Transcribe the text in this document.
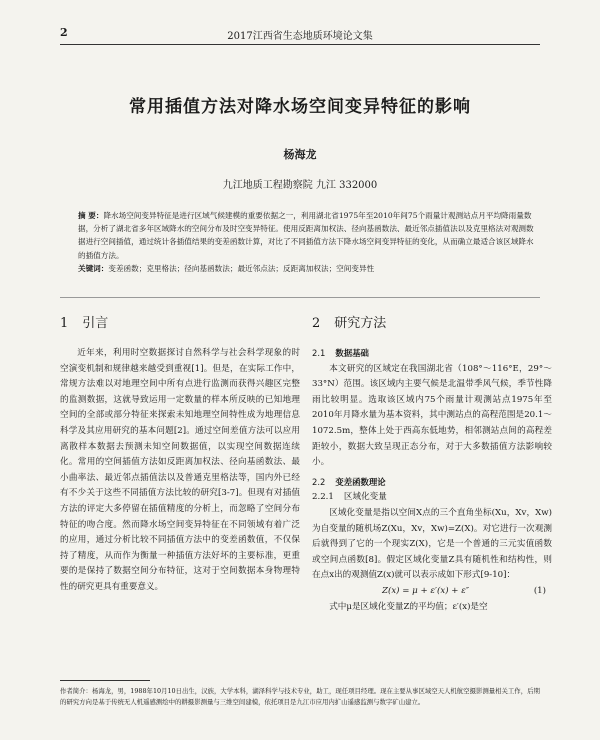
2	2017江西省生态地质环境论文集
常用插值方法对降水场空间变异特征的影响
杨海龙
九江地质工程勘察院 九江 332000
摘 要：降水场空间变异特征是进行区域气候建模的重要依据之一，利用湖北省1975年至2010年间75个雨量计观测站点月平均降雨量数据，分析了湖北省多年区域降水的空间分布及时空变异特征。使用反距离加权法、径向基函数法、最近邻点插值法以及克里格法对观测数据进行空间插值，通过统计各插值结果的变差函数计算，对比了不同插值方法下降水场空间变异特征的变化，从而确立最适合该区域降水的插值方法。
关键词：变差函数；克里格法；径向基函数法；最近邻点法；反距离加权法；空间变异性
1 引言

近年来，利用时空数据探讨自然科学与社会科学现象的时空演变机制和规律越来越受到重视[1]。但是，在实际工作中，常规方法难以对地理空间中所有点进行监测而获得兴趣区完整的监测数据，这就导致运用一定数量的样本所反映的已知地理空间的全部或部分特征来探索未知地理空间特性成为地理信息科学及其应用研究的基本问题[2]。通过空间差值方法可以应用离散样本数据去预测未知空间数据值，以实现空间数据连续化。常用的空间插值方法如反距离加权法、径向基函数法、最小曲率法、最近邻点插值法以及普通克里格法等，国内外已经有不少关于这些不同插值方法比较的研究[3-7]。但现有对插值方法的评定大多停留在插值精度的分析上，而忽略了空间分布特征的吻合度。然而降水场空间变异特征在不同领域有着广泛的应用，通过分析比较不同插值方法中的变差函数值，不仅保持了精度，从而作为衡量一种插值方法好坏的主要标准，更重要的是保持了数据空间分布特征，这对于空间数据本身物理特性的研究更具有重要意义。

2 研究方法
2.1 数据基础

本文研究的区域定在我国湖北省（108°～116°E，29°～33°N）范围。该区域内主要气候是北温带季风气候，季节性降雨比较明显。选取该区域内75个雨量计观测站点1975年至2010年月降水量为基本资料，其中测站点的高程范围是20.1～1072.5m，整体上处于西高东低地势，相邻测站点间的高程差距较小，数据大致呈现正态分布，对于大多数插值方法影响较小。

2.2 变差函数理论
2.2.1 区域化变量

区域化变量是指以空间X点的三个直角坐标(Xu，Xv，Xw)为自变量的随机场Z(Xu，Xv，Xw)=Z(X)。对它进行一次观测后就得到了它的一个现实Z(X)，它是一个普通的三元实值函数或空间点函数[8]。假定区域化变量Z具有随机性和结构性，则在点x出的观测值Z(x)就可以表示成如下形式[9-10]：

Z(x) = μ + ε′(x) + ε″	(1)

式中μ是区域化变量Z的平均值；ε′(x)是空

作者简介：杨海龙，男，1988年10月10日出生，汉族，大学本科，湖泽科学与技术专业，助工，现任项目经理。现在主要从事区域空天人机航空摄影测量相关工作，后期的研究方向是基于传统无人机遥感测绘中的耕摄影测量与三维空间建模，依托项目是九江市应用内扩山遥感监测与数字矿山建立。
